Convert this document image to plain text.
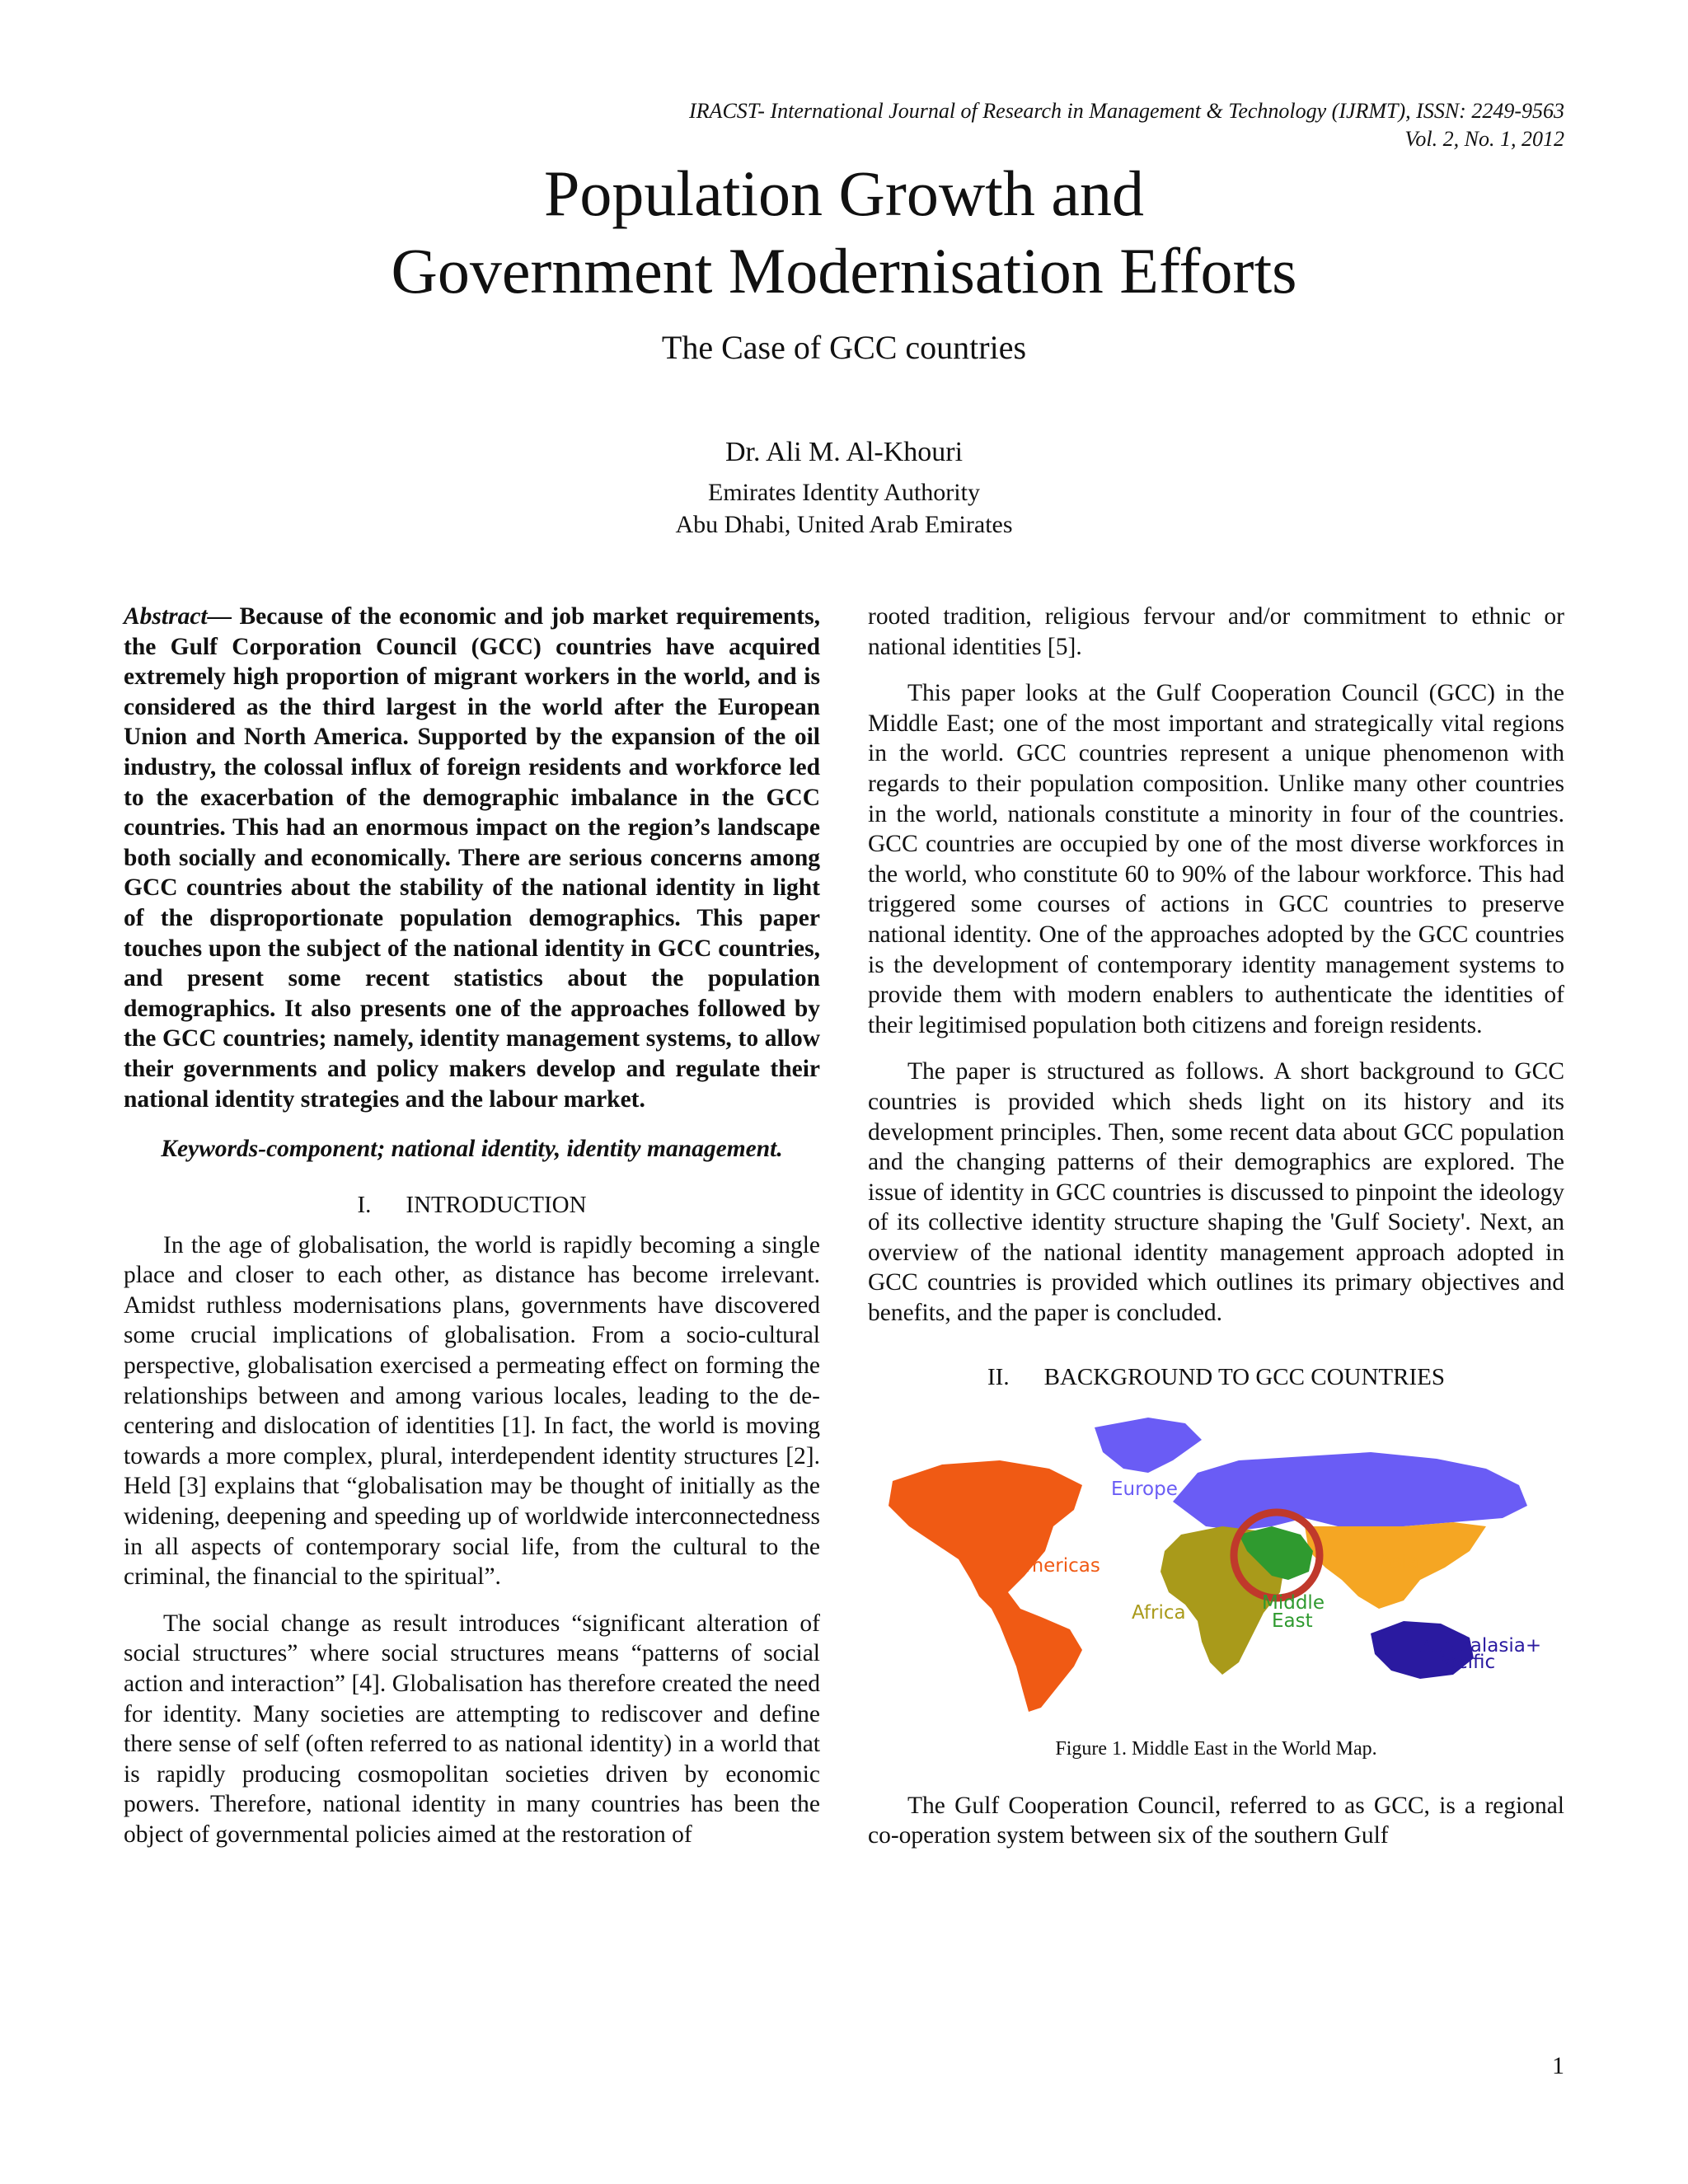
IRACST- International Journal of Research in Management & Technology (IJRMT), ISSN: 2249-9563
Vol. 2, No. 1, 2012
Population Growth and
Government Modernisation Efforts
The Case of GCC countries
Dr. Ali M. Al-Khouri
Emirates Identity Authority
Abu Dhabi, United Arab Emirates

Abstract— Because of the economic and job market requirements, the Gulf Corporation Council (GCC) countries have acquired extremely high proportion of migrant workers in the world, and is considered as the third largest in the world after the European Union and North America. Supported by the expansion of the oil industry, the colossal influx of foreign residents and workforce led to the exacerbation of the demographic imbalance in the GCC countries. This had an enormous impact on the region’s landscape both socially and economically. There are serious concerns among GCC countries about the stability of the national identity in light of the disproportionate population demographics. This paper touches upon the subject of the national identity in GCC countries, and present some recent statistics about the population demographics. It also presents one of the approaches followed by the GCC countries; namely, identity management systems, to allow their governments and policy makers develop and regulate their national identity strategies and the labour market.

Keywords-component; national identity, identity management.

I. INTRODUCTION

In the age of globalisation, the world is rapidly becoming a single place and closer to each other, as distance has become irrelevant. Amidst ruthless modernisations plans, governments have discovered some crucial implications of globalisation. From a socio-cultural perspective, globalisation exercised a permeating effect on forming the relationships between and among various locales, leading to the de-centering and dislocation of identities [1]. In fact, the world is moving towards a more complex, plural, interdependent identity structures [2]. Held [3] explains that “globalisation may be thought of initially as the widening, deepening and speeding up of worldwide interconnectedness in all aspects of contemporary social life, from the cultural to the criminal, the financial to the spiritual”.

The social change as result introduces “significant alteration of social structures” where social structures means “patterns of social action and interaction” [4]. Globalisation has therefore created the need for identity. Many societies are attempting to rediscover and define there sense of self (often referred to as national identity) in a world that is rapidly producing cosmopolitan societies driven by economic powers. Therefore, national identity in many countries has been the object of governmental policies aimed at the restoration of

rooted tradition, religious fervour and/or commitment to ethnic or national identities [5].

This paper looks at the Gulf Cooperation Council (GCC) in the Middle East; one of the most important and strategically vital regions in the world. GCC countries represent a unique phenomenon with regards to their population composition. Unlike many other countries in the world, nationals constitute a minority in four of the countries. GCC countries are occupied by one of the most diverse workforces in the world, who constitute 60 to 90% of the labour workforce. This had triggered some courses of actions in GCC countries to preserve national identity. One of the approaches adopted by the GCC countries is the development of contemporary identity management systems to provide them with modern enablers to authenticate the identities of their legitimised population both citizens and foreign residents.

The paper is structured as follows. A short background to GCC countries is provided which sheds light on its history and its development principles. Then, some recent data about GCC population and the changing patterns of their demographics are explored. The issue of identity in GCC countries is discussed to pinpoint the ideology of its collective identity structure shaping the 'Gulf Society'. Next, an overview of the national identity management approach adopted in GCC countries is provided which outlines its primary objectives and benefits, and the paper is concluded.

II. BACKGROUND TO GCC COUNTRIES
Europe
Americas	Asia
Africa	Middle
East
Australasia+
Pacific

Figure 1. Middle East in the World Map.

The Gulf Cooperation Council, referred to as GCC, is a regional co-operation system between six of the southern Gulf

1
